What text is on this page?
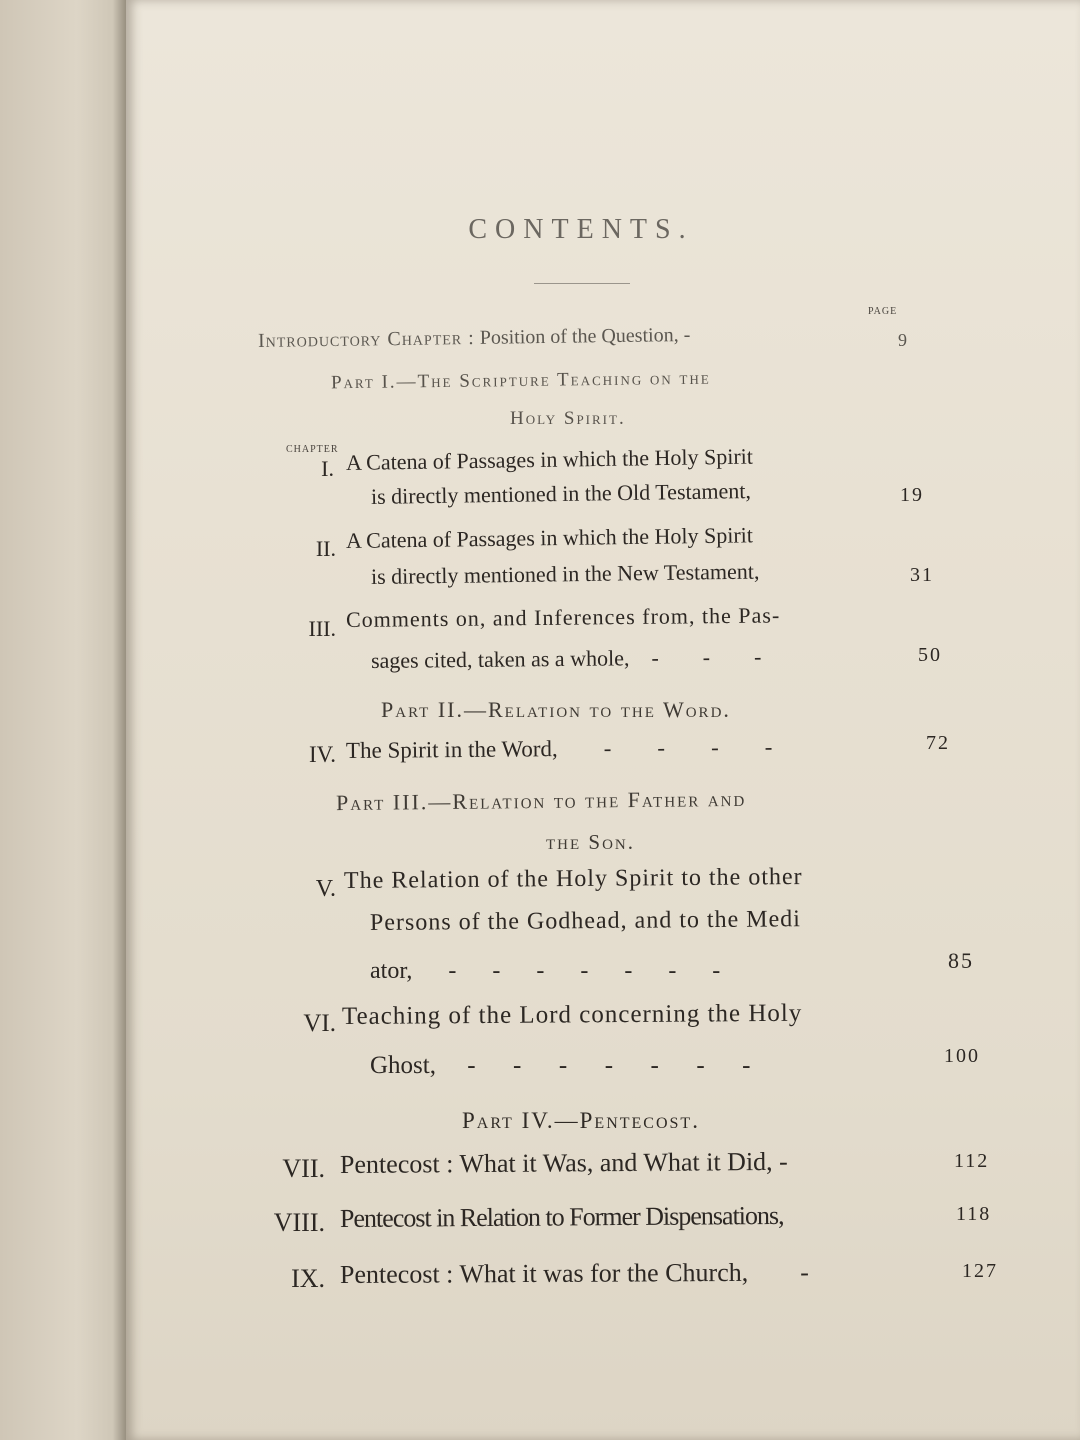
CONTENTS.
PAGE
Introductory Chapter : Position of the Question, -	9
Part I.—The Scripture Teaching on the
Holy Spirit.
CHAPTER
I. A Catena of Passages in which the Holy Spirit
is directly mentioned in the Old Testament,	19
II. A Catena of Passages in which the Holy Spirit
is directly mentioned in the New Testament,	31
III. Comments on, and Inferences from, the Pas-
sages cited, taken as a whole,    -        -        -	50
Part II.—Relation to the Word.
IV. The Spirit in the Word,        -        -        -        -	72
Part III.—Relation to the Father and
the Son.
V. The Relation of the Holy Spirit to the other
Persons of the Godhead, and to the Medi
ator,      -      -      -      -      -      -      -	85
VI. Teaching of the Lord concerning the Holy
Ghost,     -      -      -      -      -      -      -	100
Part IV.—Pentecost.
VII. Pentecost : What it Was, and What it Did, -	112
VIII. Pentecost in Relation to Former Dispensations,	118
IX. Pentecost : What it was for the Church,        -	127
